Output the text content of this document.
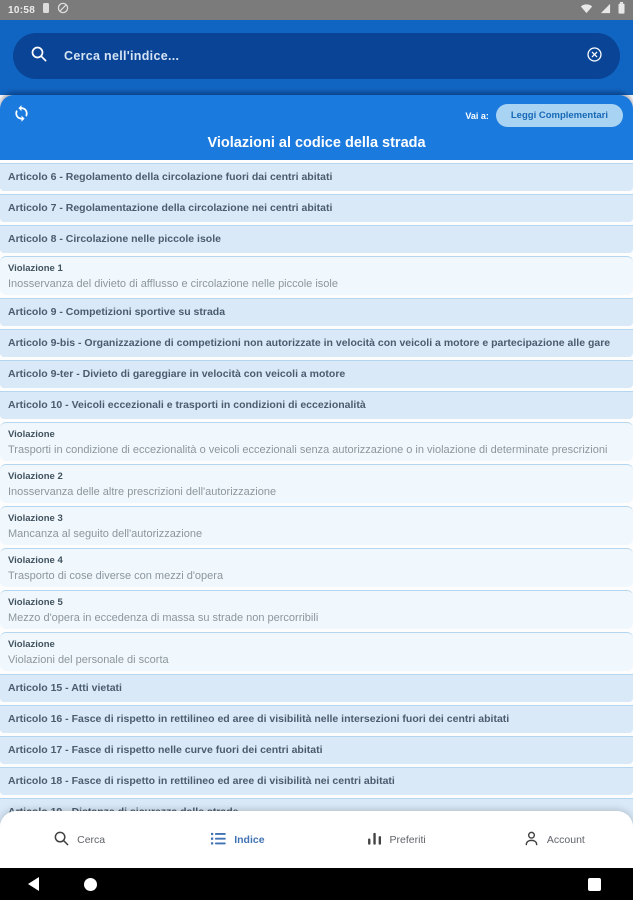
10:58
Cerca nell'indice...
Vai a:	Leggi Complementari
Violazioni al codice della strada
Articolo 6 - Regolamento della circolazione fuori dai centri abitati
Articolo 7 - Regolamentazione della circolazione nei centri abitati
Articolo 8 - Circolazione nelle piccole isole
Violazione 1
Inosservanza del divieto di afflusso e circolazione nelle piccole isole
Articolo 9 - Competizioni sportive su strada
Articolo 9-bis - Organizzazione di competizioni non autorizzate in velocità con veicoli a motore e partecipazione alle gare
Articolo 9-ter - Divieto di gareggiare in velocità con veicoli a motore
Articolo 10 - Veicoli eccezionali e trasporti in condizioni di eccezionalità
Violazione
Trasporti in condizione di eccezionalità o veicoli eccezionali senza autorizzazione o in violazione di determinate prescrizioni
Violazione 2
Inosservanza delle altre prescrizioni dell'autorizzazione
Violazione 3
Mancanza al seguito dell'autorizzazione
Violazione 4
Trasporto di cose diverse con mezzi d'opera
Violazione 5
Mezzo d'opera in eccedenza di massa su strade non percorribili
Violazione
Violazioni del personale di scorta
Articolo 15 - Atti vietati
Articolo 16 - Fasce di rispetto in rettilineo ed aree di visibilità nelle intersezioni fuori dei centri abitati
Articolo 17 - Fasce di rispetto nelle curve fuori dei centri abitati
Articolo 18 - Fasce di rispetto in rettilineo ed aree di visibilità nei centri abitati
Cerca	Indice	Preferiti	Account
